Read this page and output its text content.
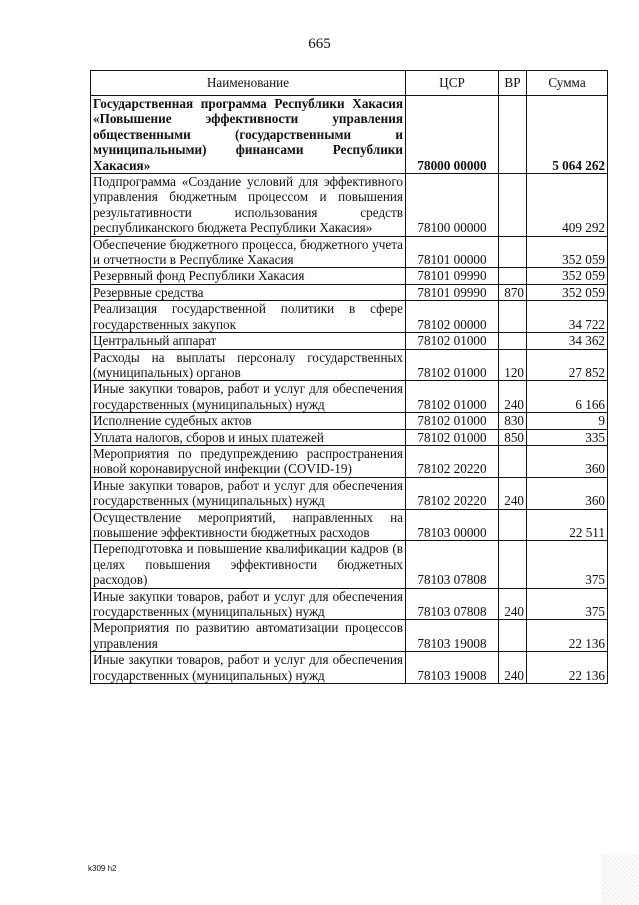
665
Наименование	ЦСР	ВР	Сумма
Государственная программа Республики Хакасия «Повышение эффективности управления общественными (государственными и муниципальными) финансами Республики Хакасия»	78000 00000		5 064 262
Подпрограмма «Создание условий для эффективного управления бюджетным процессом и повышения результативности использования средств республиканского бюджета Республики Хакасия»	78100 00000		409 292
Обеспечение бюджетного процесса, бюджетного учета и отчетности в Республике Хакасия	78101 00000		352 059
Резервный фонд Республики Хакасия	78101 09990		352 059
Резервные средства	78101 09990	870	352 059
Реализация государственной политики в сфере государственных закупок	78102 00000		34 722
Центральный аппарат	78102 01000		34 362
Расходы на выплаты персоналу государственных (муниципальных) органов	78102 01000	120	27 852
Иные закупки товаров, работ и услуг для обеспечения государственных (муниципальных) нужд	78102 01000	240	6 166
Исполнение судебных актов	78102 01000	830	9
Уплата налогов, сборов и иных платежей	78102 01000	850	335
Мероприятия по предупреждению распространения новой коронавирусной инфекции (COVID-19)	78102 20220		360
Иные закупки товаров, работ и услуг для обеспечения государственных (муниципальных) нужд	78102 20220	240	360
Осуществление мероприятий, направленных на повышение эффективности бюджетных расходов	78103 00000		22 511
Переподготовка и повышение квалификации кадров (в целях повышения эффективности бюджетных расходов)	78103 07808		375
Иные закупки товаров, работ и услуг для обеспечения государственных (муниципальных) нужд	78103 07808	240	375
Мероприятия по развитию автоматизации процессов управления	78103 19008		22 136
Иные закупки товаров, работ и услуг для обеспечения государственных (муниципальных) нужд	78103 19008	240	22 136
k309 h2
